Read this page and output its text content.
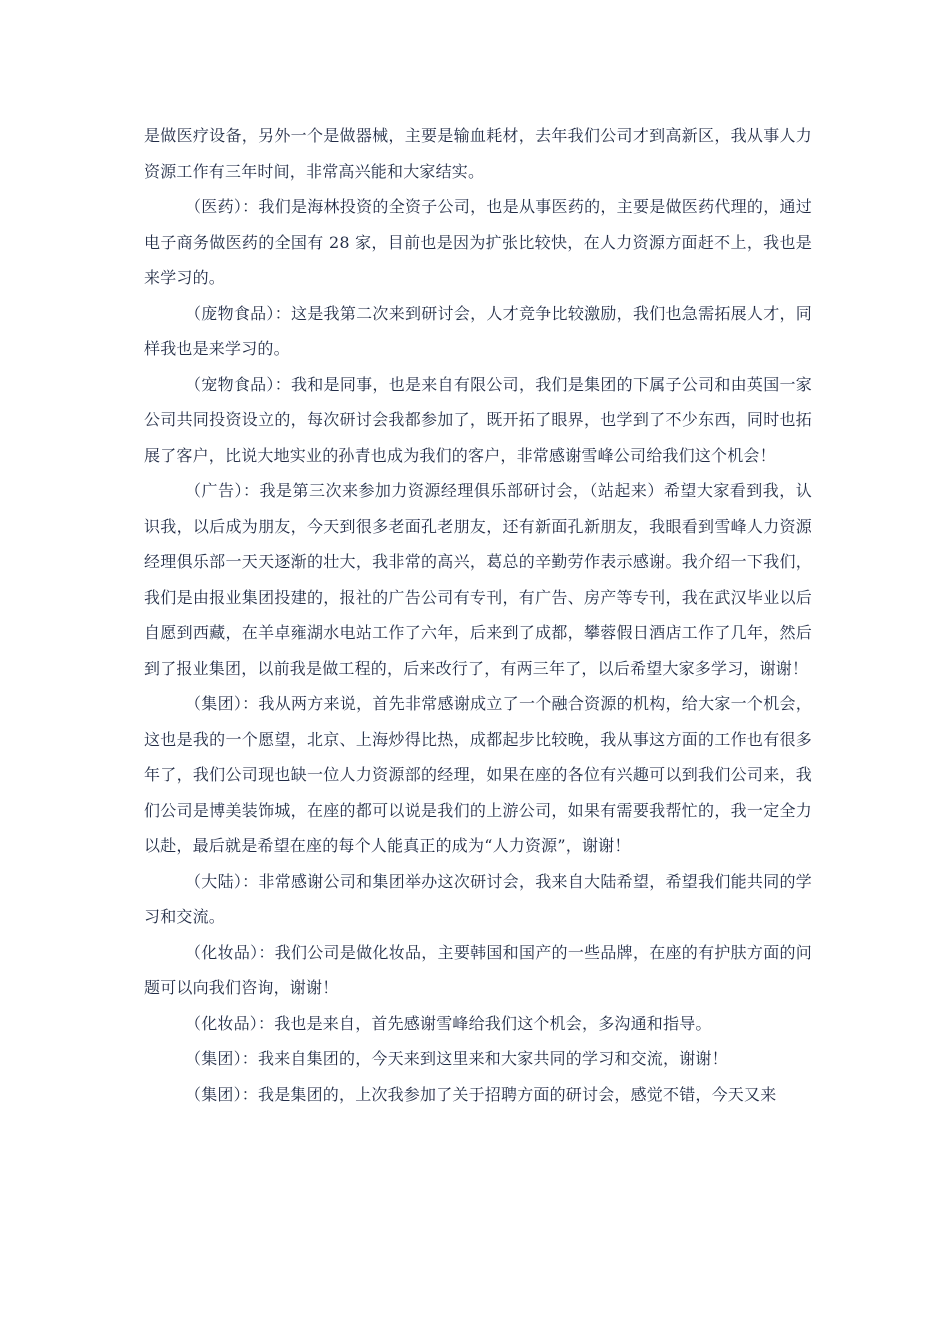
是做医疗设备，另外一个是做器械，主要是输血耗材，去年我们公司才到高新区，我从事人力资源工作有三年时间，非常高兴能和大家结实。

（医药）：我们是海林投资的全资子公司，也是从事医药的，主要是做医药代理的，通过电子商务做医药的全国有 28 家，目前也是因为扩张比较快，在人力资源方面赶不上，我也是来学习的。

（庞物食品）：这是我第二次来到研讨会，人才竞争比较激励，我们也急需拓展人才，同样我也是来学习的。

（宠物食品）：我和是同事，也是来自有限公司，我们是集团的下属子公司和由英国一家公司共同投资设立的，每次研讨会我都参加了，既开拓了眼界，也学到了不少东西，同时也拓展了客户，比说大地实业的孙青也成为我们的客户，非常感谢雪峰公司给我们这个机会！

（广告）：我是第三次来参加力资源经理俱乐部研讨会，（站起来）希望大家看到我，认识我，以后成为朋友，今天到很多老面孔老朋友，还有新面孔新朋友，我眼看到雪峰人力资源经理俱乐部一天天逐渐的壮大，我非常的高兴，葛总的辛勤劳作表示感谢。我介绍一下我们，我们是由报业集团投建的，报社的广告公司有专刊，有广告、房产等专刊，我在武汉毕业以后自愿到西藏，在羊卓雍湖水电站工作了六年，后来到了成都，攀蓉假日酒店工作了几年，然后到了报业集团，以前我是做工程的，后来改行了，有两三年了，以后希望大家多学习，谢谢！

（集团）：我从两方来说，首先非常感谢成立了一个融合资源的机构，给大家一个机会，这也是我的一个愿望，北京、上海炒得比热，成都起步比较晚，我从事这方面的工作也有很多年了，我们公司现也缺一位人力资源部的经理，如果在座的各位有兴趣可以到我们公司来，我们公司是博美装饰城，在座的都可以说是我们的上游公司，如果有需要我帮忙的，我一定全力以赴，最后就是希望在座的每个人能真正的成为“人力资源”，谢谢！

（大陆）：非常感谢公司和集团举办这次研讨会，我来自大陆希望，希望我们能共同的学习和交流。

（化妆品）：我们公司是做化妆品，主要韩国和国产的一些品牌，在座的有护肤方面的问题可以向我们咨询，谢谢！

（化妆品）：我也是来自，首先感谢雪峰给我们这个机会，多沟通和指导。

（集团）：我来自集团的，今天来到这里来和大家共同的学习和交流，谢谢！

（集团）：我是集团的，上次我参加了关于招聘方面的研讨会，感觉不错，今天又来
